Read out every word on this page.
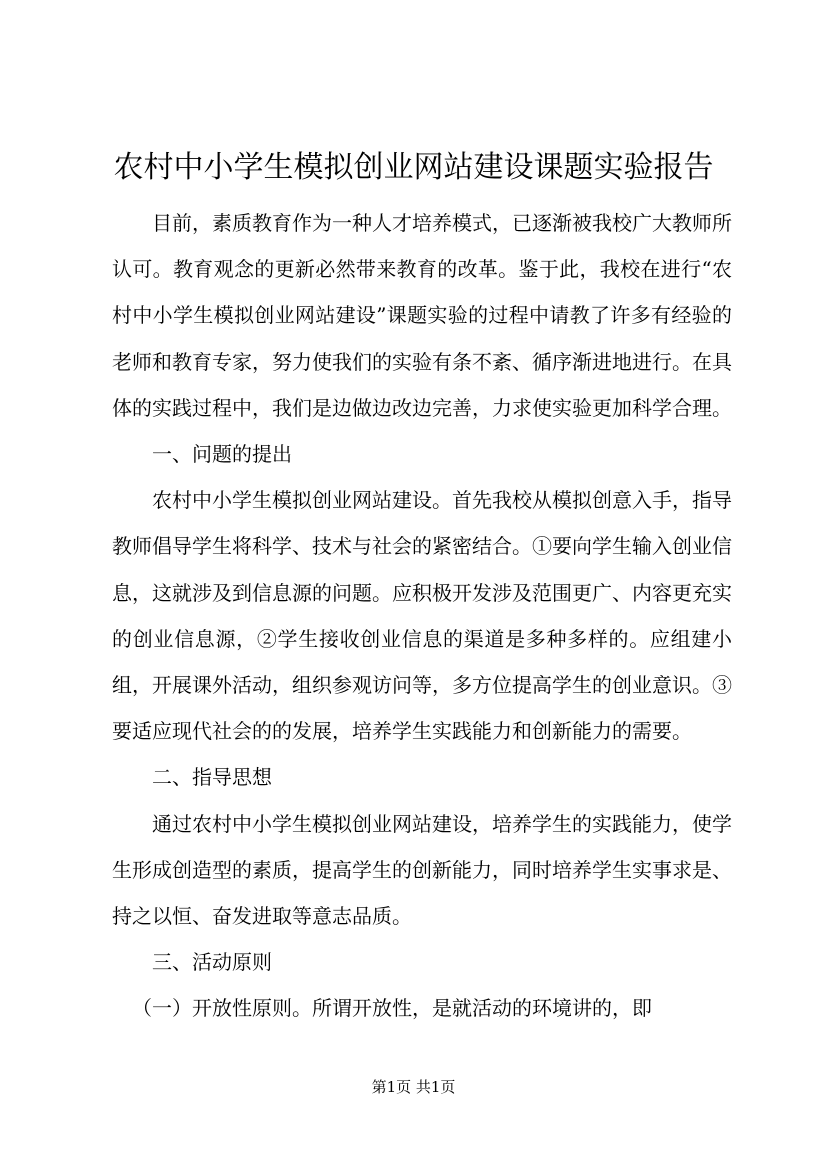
农村中小学生模拟创业网站建设课题实验报告

目前，素质教育作为一种人才培养模式，已逐渐被我校广大教师所认可。教育观念的更新必然带来教育的改革。鉴于此，我校在进行“农村中小学生模拟创业网站建设”课题实验的过程中请教了许多有经验的老师和教育专家，努力使我们的实验有条不紊、循序渐进地进行。在具体的实践过程中，我们是边做边改边完善，力求使实验更加科学合理。

一、问题的提出

农村中小学生模拟创业网站建设。首先我校从模拟创意入手，指导教师倡导学生将科学、技术与社会的紧密结合。①要向学生输入创业信息，这就涉及到信息源的问题。应积极开发涉及范围更广、内容更充实的创业信息源，②学生接收创业信息的渠道是多种多样的。应组建小组，开展课外活动，组织参观访问等，多方位提高学生的创业意识。③要适应现代社会的的发展，培养学生实践能力和创新能力的需要。

二、指导思想

通过农村中小学生模拟创业网站建设，培养学生的实践能力，使学生形成创造型的素质，提高学生的创新能力，同时培养学生实事求是、持之以恒、奋发进取等意志品质。

三、活动原则

（一）开放性原则。所谓开放性，是就活动的环境讲的，即

第1页 共1页
